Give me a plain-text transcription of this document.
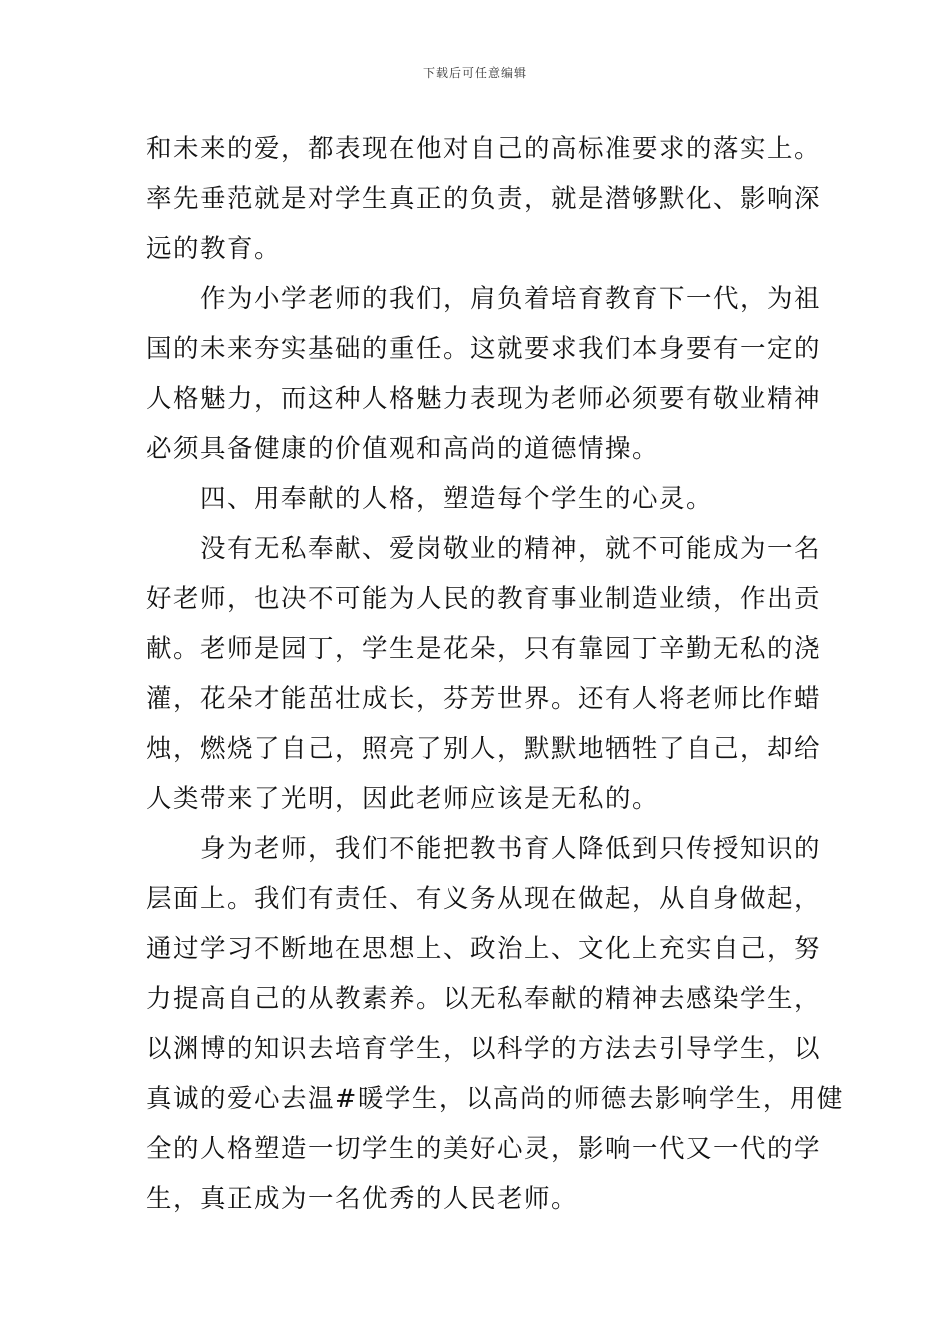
下载后可任意编辑
和未来的爱，都表现在他对自己的高标准要求的落实上。
率先垂范就是对学生真正的负责，就是潜够默化、影响深
远的教育。
　　作为小学老师的我们，肩负着培育教育下一代，为祖
国的未来夯实基础的重任。这就要求我们本身要有一定的
人格魅力，而这种人格魅力表现为老师必须要有敬业精神
必须具备健康的价值观和高尚的道德情操。
　　四、用奉献的人格，塑造每个学生的心灵。
　　没有无私奉献、爱岗敬业的精神，就不可能成为一名
好老师，也决不可能为人民的教育事业制造业绩，作出贡
献。老师是园丁，学生是花朵，只有靠园丁辛勤无私的浇
灌，花朵才能茁壮成长，芬芳世界。还有人将老师比作蜡
烛，燃烧了自己，照亮了别人，默默地牺牲了自己，却给
人类带来了光明，因此老师应该是无私的。
　　身为老师，我们不能把教书育人降低到只传授知识的
层面上。我们有责任、有义务从现在做起，从自身做起，
通过学习不断地在思想上、政治上、文化上充实自己，努
力提高自己的从教素养。以无私奉献的精神去感染学生，
以渊博的知识去培育学生，以科学的方法去引导学生，以
真诚的爱心去温#暖学生，以高尚的师德去影响学生，用健
全的人格塑造一切学生的美好心灵，影响一代又一代的学
生，真正成为一名优秀的人民老师。
